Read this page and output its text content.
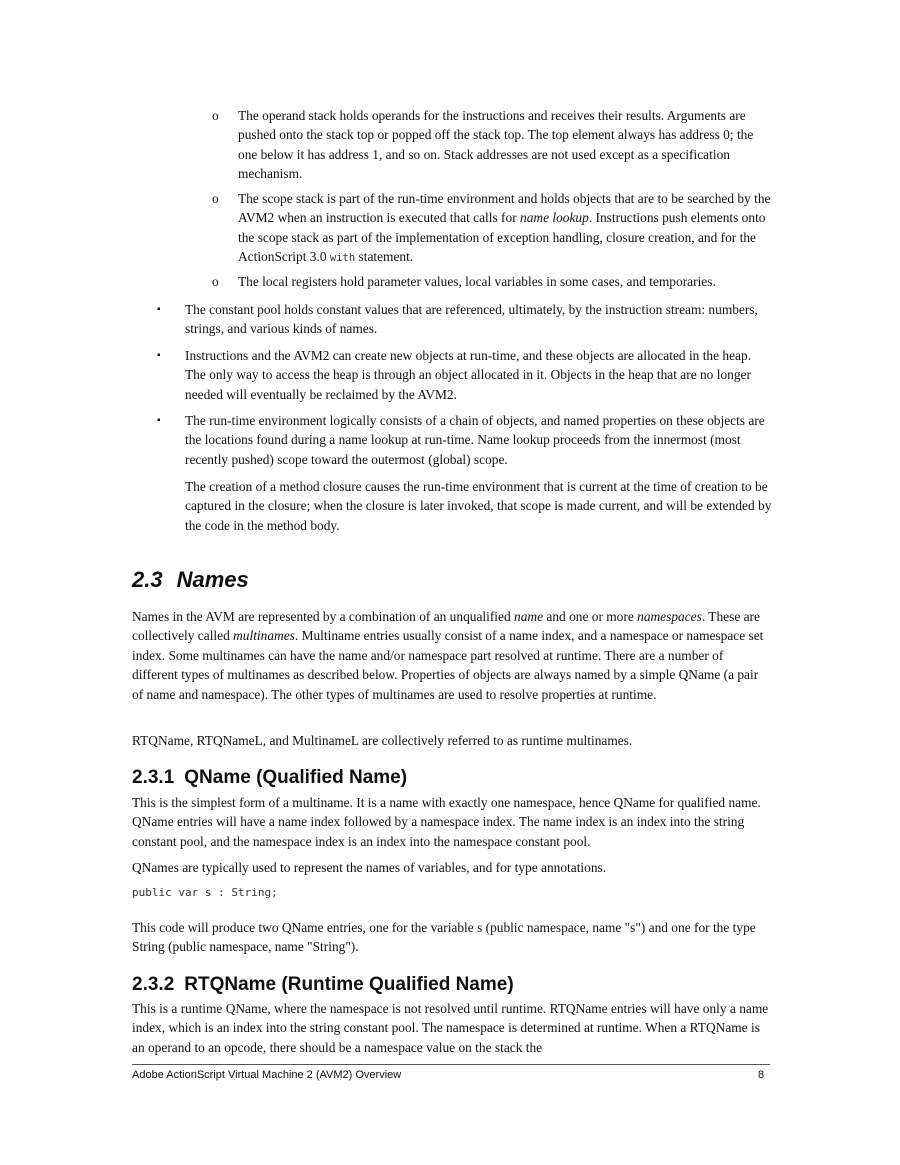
o The operand stack holds operands for the instructions and receives their results. Arguments are pushed onto the stack top or popped off the stack top. The top element always has address 0; the one below it has address 1, and so on. Stack addresses are not used except as a specification mechanism.
o The scope stack is part of the run-time environment and holds objects that are to be searched by the AVM2 when an instruction is executed that calls for name lookup. Instructions push elements onto the scope stack as part of the implementation of exception handling, closure creation, and for the ActionScript 3.0 with statement.
o The local registers hold parameter values, local variables in some cases, and temporaries.
▪ The constant pool holds constant values that are referenced, ultimately, by the instruction stream: numbers, strings, and various kinds of names.
▪ Instructions and the AVM2 can create new objects at run-time, and these objects are allocated in the heap. The only way to access the heap is through an object allocated in it. Objects in the heap that are no longer needed will eventually be reclaimed by the AVM2.
▪ The run-time environment logically consists of a chain of objects, and named properties on these objects are the locations found during a name lookup at run-time. Name lookup proceeds from the innermost (most recently pushed) scope toward the outermost (global) scope.
The creation of a method closure causes the run-time environment that is current at the time of creation to be captured in the closure; when the closure is later invoked, that scope is made current, and will be extended by the code in the method body.
2.3 Names
Names in the AVM are represented by a combination of an unqualified name and one or more namespaces. These are collectively called multinames. Multiname entries usually consist of a name index, and a namespace or namespace set index. Some multinames can have the name and/or namespace part resolved at runtime. There are a number of different types of multinames as described below. Properties of objects are always named by a simple QName (a pair of name and namespace). The other types of multinames are used to resolve properties at runtime.
RTQName, RTQNameL, and MultinameL are collectively referred to as runtime multinames.
2.3.1 QName (Qualified Name)
This is the simplest form of a multiname. It is a name with exactly one namespace, hence QName for qualified name. QName entries will have a name index followed by a namespace index. The name index is an index into the string constant pool, and the namespace index is an index into the namespace constant pool.
QNames are typically used to represent the names of variables, and for type annotations.
public var s : String;
This code will produce two QName entries, one for the variable s (public namespace, name "s") and one for the type String (public namespace, name "String").
2.3.2 RTQName (Runtime Qualified Name)
This is a runtime QName, where the namespace is not resolved until runtime. RTQName entries will have only a name index, which is an index into the string constant pool. The namespace is determined at runtime. When a RTQName is an operand to an opcode, there should be a namespace value on the stack the
Adobe ActionScript Virtual Machine 2 (AVM2) Overview	8
